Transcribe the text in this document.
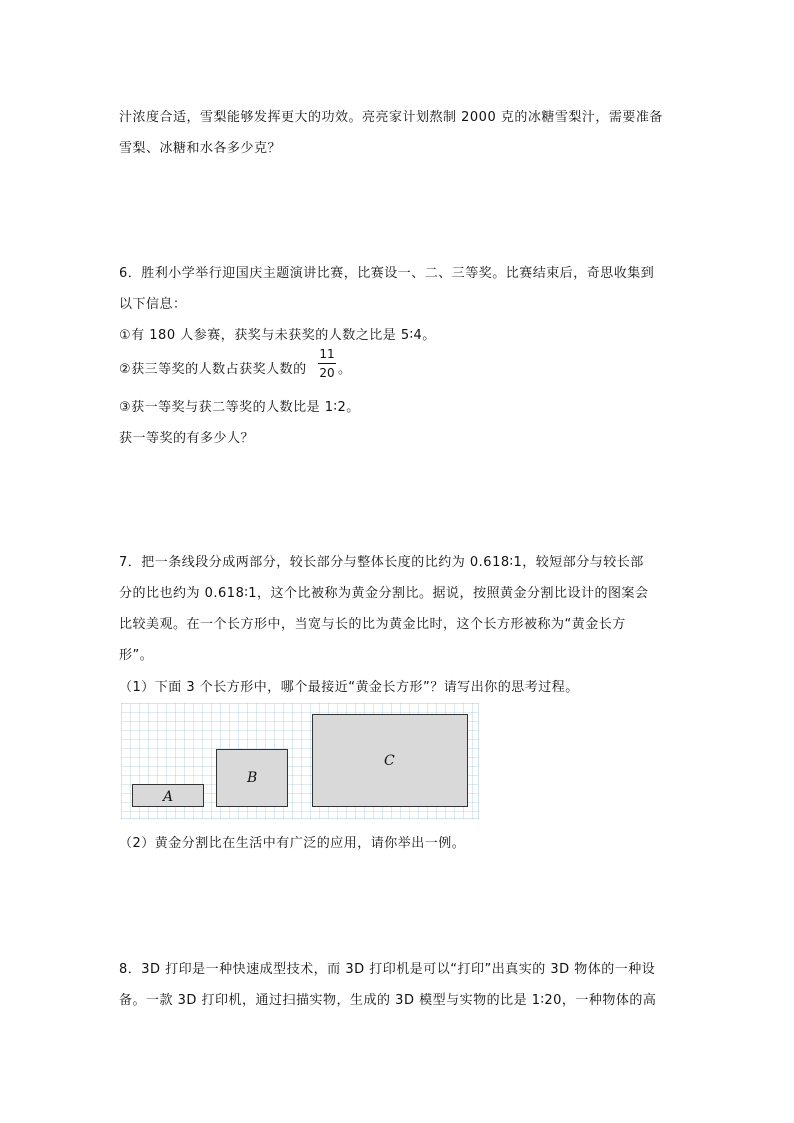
汁浓度合适，雪梨能够发挥更大的功效。亮亮家计划熬制 2000 克的冰糖雪梨汁，需要准备
雪梨、冰糖和水各多少克？
6．胜利小学举行迎国庆主题演讲比赛，比赛设一、二、三等奖。比赛结束后，奇思收集到
以下信息：
①有 180 人参赛，获奖与未获奖的人数之比是 5∶4。
②获三等奖的人数占获奖人数的
11
20 。
③获一等奖与获二等奖的人数比是 1∶2。
获一等奖的有多少人？
7．把一条线段分成两部分，较长部分与整体长度的比约为 0.618∶1，较短部分与较长部
分的比也约为 0.618∶1，这个比被称为黄金分割比。据说，按照黄金分割比设计的图案会
比较美观。在一个长方形中，当宽与长的比为黄金比时，这个长方形被称为“黄金长方
形”。
（1）下面 3 个长方形中，哪个最接近“黄金长方形”？请写出你的思考过程。
A
B
C
（2）黄金分割比在生活中有广泛的应用，请你举出一例。
8．3D 打印是一种快速成型技术，而 3D 打印机是可以“打印”出真实的 3D 物体的一种设
备。一款 3D 打印机，通过扫描实物，生成的 3D 模型与实物的比是 1∶20，一种物体的高
